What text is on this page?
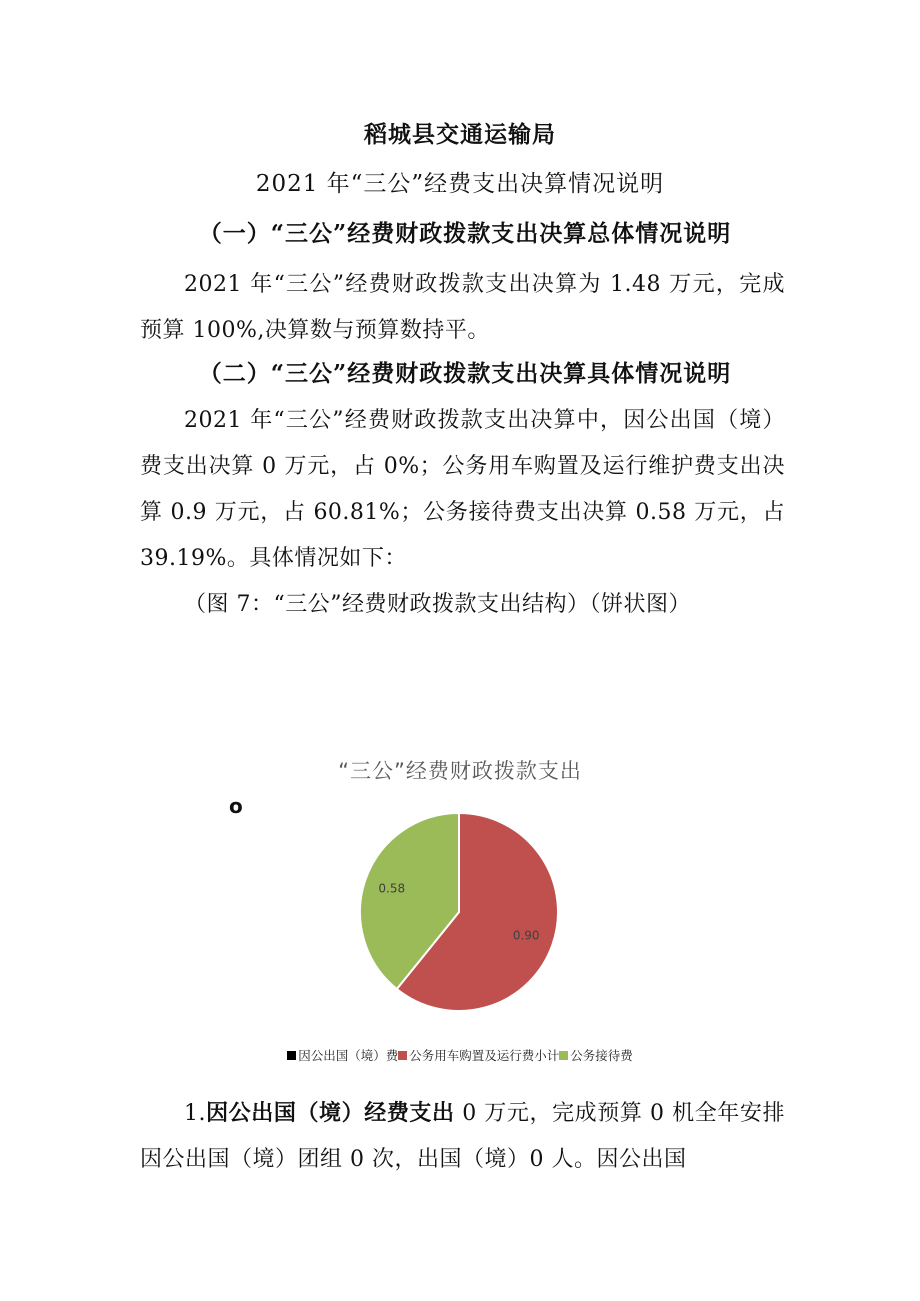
稻城县交通运输局
2021 年“三公”经费支出决算情况说明
（一）“三公”经费财政拨款支出决算总体情况说明
2021 年“三公”经费财政拨款支出决算为 1.48 万元，完成预算 100%,决算数与预算数持平。
（二）“三公”经费财政拨款支出决算具体情况说明
2021 年“三公”经费财政拨款支出决算中，因公出国（境）费支出决算 0 万元，占 0%；公务用车购置及运行维护费支出决算 0.9 万元，占 60.81%；公务接待费支出决算 0.58 万元，占 39.19%。具体情况如下：
（图 7：“三公”经费财政拨款支出结构）（饼状图）
“三公”经费财政拨款支出
o
0.90
0.58
因公出国（境）费 公务用车购置及运行费小计 公务接待费
1.因公出国（境）经费支出 0 万元，完成预算 0 机全年安排因公出国（境）团组 0 次，出国（境）0 人。因公出国
